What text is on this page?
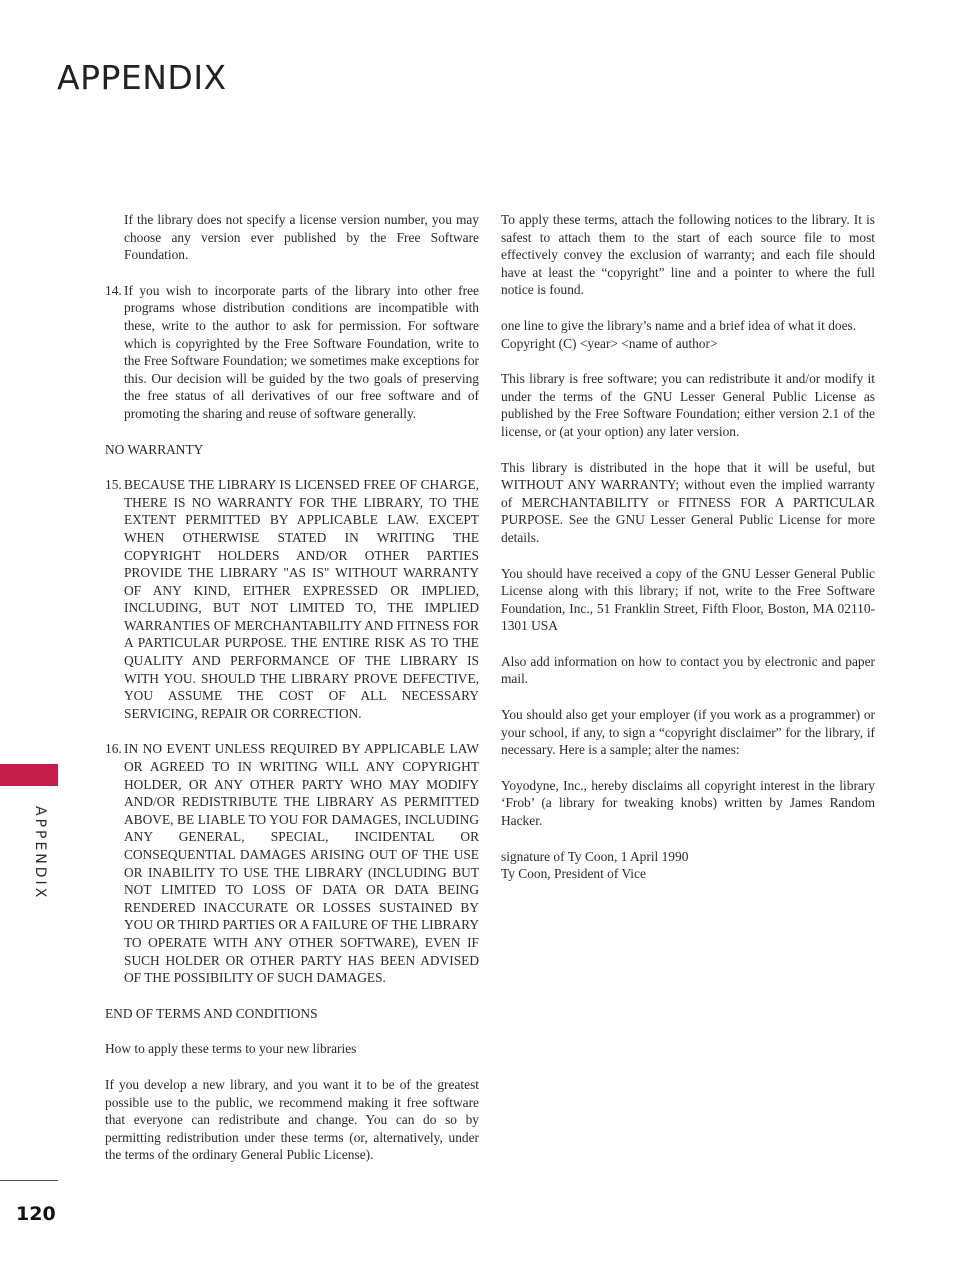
APPENDIX
APPENDIX
120

If the library does not specify a license version number, you may choose any version ever published by the Free Software Foundation.

14. If you wish to incorporate parts of the library into other free programs whose distribution conditions are incompatible with these, write to the author to ask for permission. For software which is copyrighted by the Free Software Foundation, write to the Free Software Foundation; we sometimes make exceptions for this. Our decision will be guided by the two goals of preserving the free status of all derivatives of our free software and of promoting the sharing and reuse of software generally.

NO WARRANTY

15. BECAUSE THE LIBRARY IS LICENSED FREE OF CHARGE, THERE IS NO WARRANTY FOR THE LIBRARY, TO THE EXTENT PERMITTED BY APPLICABLE LAW. EXCEPT WHEN OTHERWISE STATED IN WRITING THE COPYRIGHT HOLDERS AND/OR OTHER PARTIES PROVIDE THE LIBRARY "AS IS" WITHOUT WARRANTY OF ANY KIND, EITHER EXPRESSED OR IMPLIED, INCLUDING, BUT NOT LIMITED TO, THE IMPLIED WARRANTIES OF MERCHANTABILITY AND FITNESS FOR A PARTICULAR PURPOSE. THE ENTIRE RISK AS TO THE QUALITY AND PERFORMANCE OF THE LIBRARY IS WITH YOU. SHOULD THE LIBRARY PROVE DEFECTIVE, YOU ASSUME THE COST OF ALL NECESSARY SERVICING, REPAIR OR CORRECTION.
16. IN NO EVENT UNLESS REQUIRED BY APPLICABLE LAW OR AGREED TO IN WRITING WILL ANY COPYRIGHT HOLDER, OR ANY OTHER PARTY WHO MAY MODIFY AND/OR REDISTRIBUTE THE LIBRARY AS PERMITTED ABOVE, BE LIABLE TO YOU FOR DAMAGES, INCLUDING ANY GENERAL, SPECIAL, INCIDENTAL OR CONSEQUENTIAL DAMAGES ARISING OUT OF THE USE OR INABILITY TO USE THE LIBRARY (INCLUDING BUT NOT LIMITED TO LOSS OF DATA OR DATA BEING RENDERED INACCURATE OR LOSSES SUSTAINED BY YOU OR THIRD PARTIES OR A FAILURE OF THE LIBRARY TO OPERATE WITH ANY OTHER SOFTWARE), EVEN IF SUCH HOLDER OR OTHER PARTY HAS BEEN ADVISED OF THE POSSIBILITY OF SUCH DAMAGES.

END OF TERMS AND CONDITIONS

How to apply these terms to your new libraries

If you develop a new library, and you want it to be of the greatest possible use to the public, we recommend making it free software that everyone can redistribute and change. You can do so by permitting redistribution under these terms (or, alternatively, under the terms of the ordinary General Public License).

To apply these terms, attach the following notices to the library. It is safest to attach them to the start of each source file to most effectively convey the exclusion of warranty; and each file should have at least the “copyright” line and a pointer to where the full notice is found.

one line to give the library’s name and a brief idea of what it does.
Copyright (C) <year> <name of author>

This library is free software; you can redistribute it and/or modify it under the terms of the GNU Lesser General Public License as published by the Free Software Foundation; either version 2.1 of the license, or (at your option) any later version.

This library is distributed in the hope that it will be useful, but WITHOUT ANY WARRANTY; without even the implied warranty of MERCHANTABILITY or FITNESS FOR A PARTICULAR PURPOSE. See the GNU Lesser General Public License for more details.

You should have received a copy of the GNU Lesser General Public License along with this library; if not, write to the Free Software Foundation, Inc., 51 Franklin Street, Fifth Floor, Boston, MA 02110-1301 USA

Also add information on how to contact you by electronic and paper mail.

You should also get your employer (if you work as a programmer) or your school, if any, to sign a “copyright disclaimer” for the library, if necessary. Here is a sample; alter the names:

Yoyodyne, Inc., hereby disclaims all copyright interest in the library ‘Frob’ (a library for tweaking knobs) written by James Random Hacker.

signature of Ty Coon, 1 April 1990
Ty Coon, President of Vice
